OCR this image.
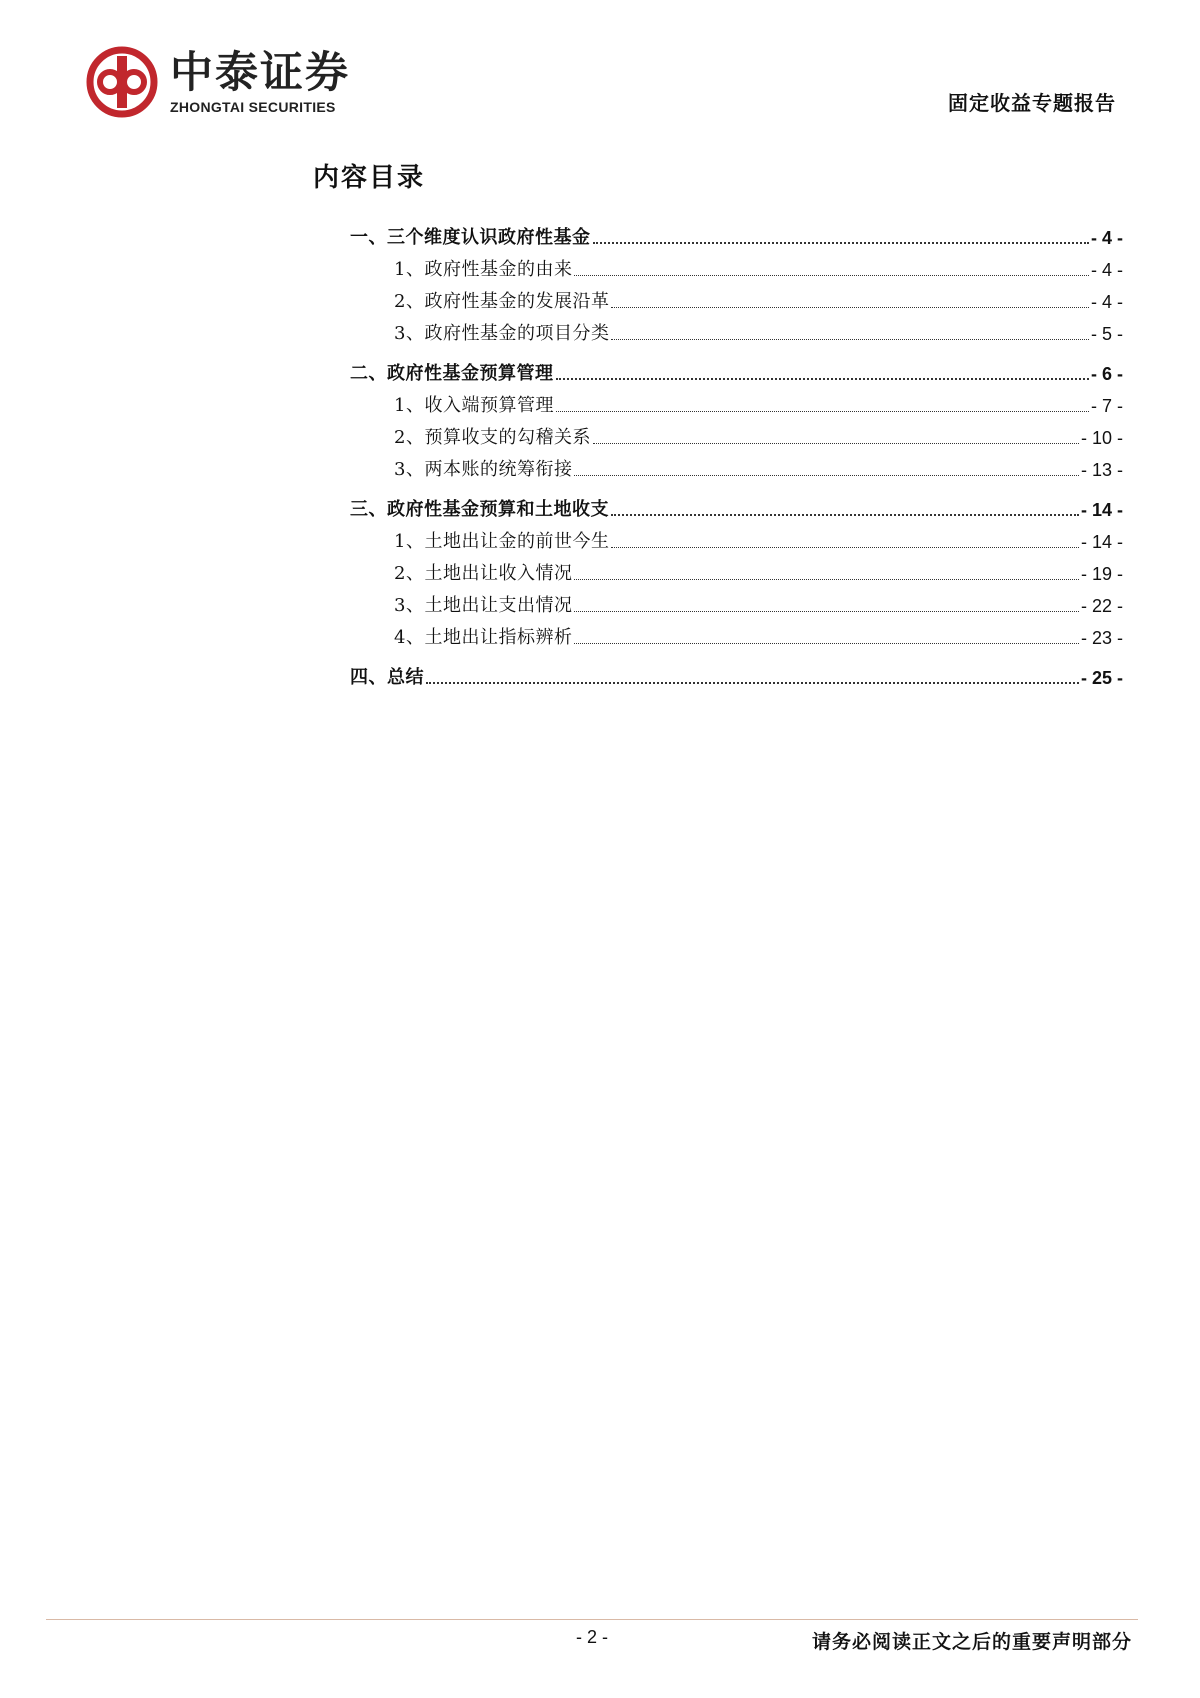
中泰证券
ZHONGTAI SECURITIES	固定收益专题报告
内容目录
一、三个维度认识政府性基金	- 4 -
1、政府性基金的由来	- 4 -
2、政府性基金的发展沿革	- 4 -
3、政府性基金的项目分类	- 5 -
二、政府性基金预算管理	- 6 -
1、收入端预算管理	- 7 -
2、预算收支的勾稽关系	- 10 -
3、两本账的统筹衔接	- 13 -
三、政府性基金预算和土地收支	- 14 -
1、土地出让金的前世今生	- 14 -
2、土地出让收入情况	- 19 -
3、土地出让支出情况	- 22 -
4、土地出让指标辨析	- 23 -
四、总结	- 25 -
- 2 -	请务必阅读正文之后的重要声明部分
